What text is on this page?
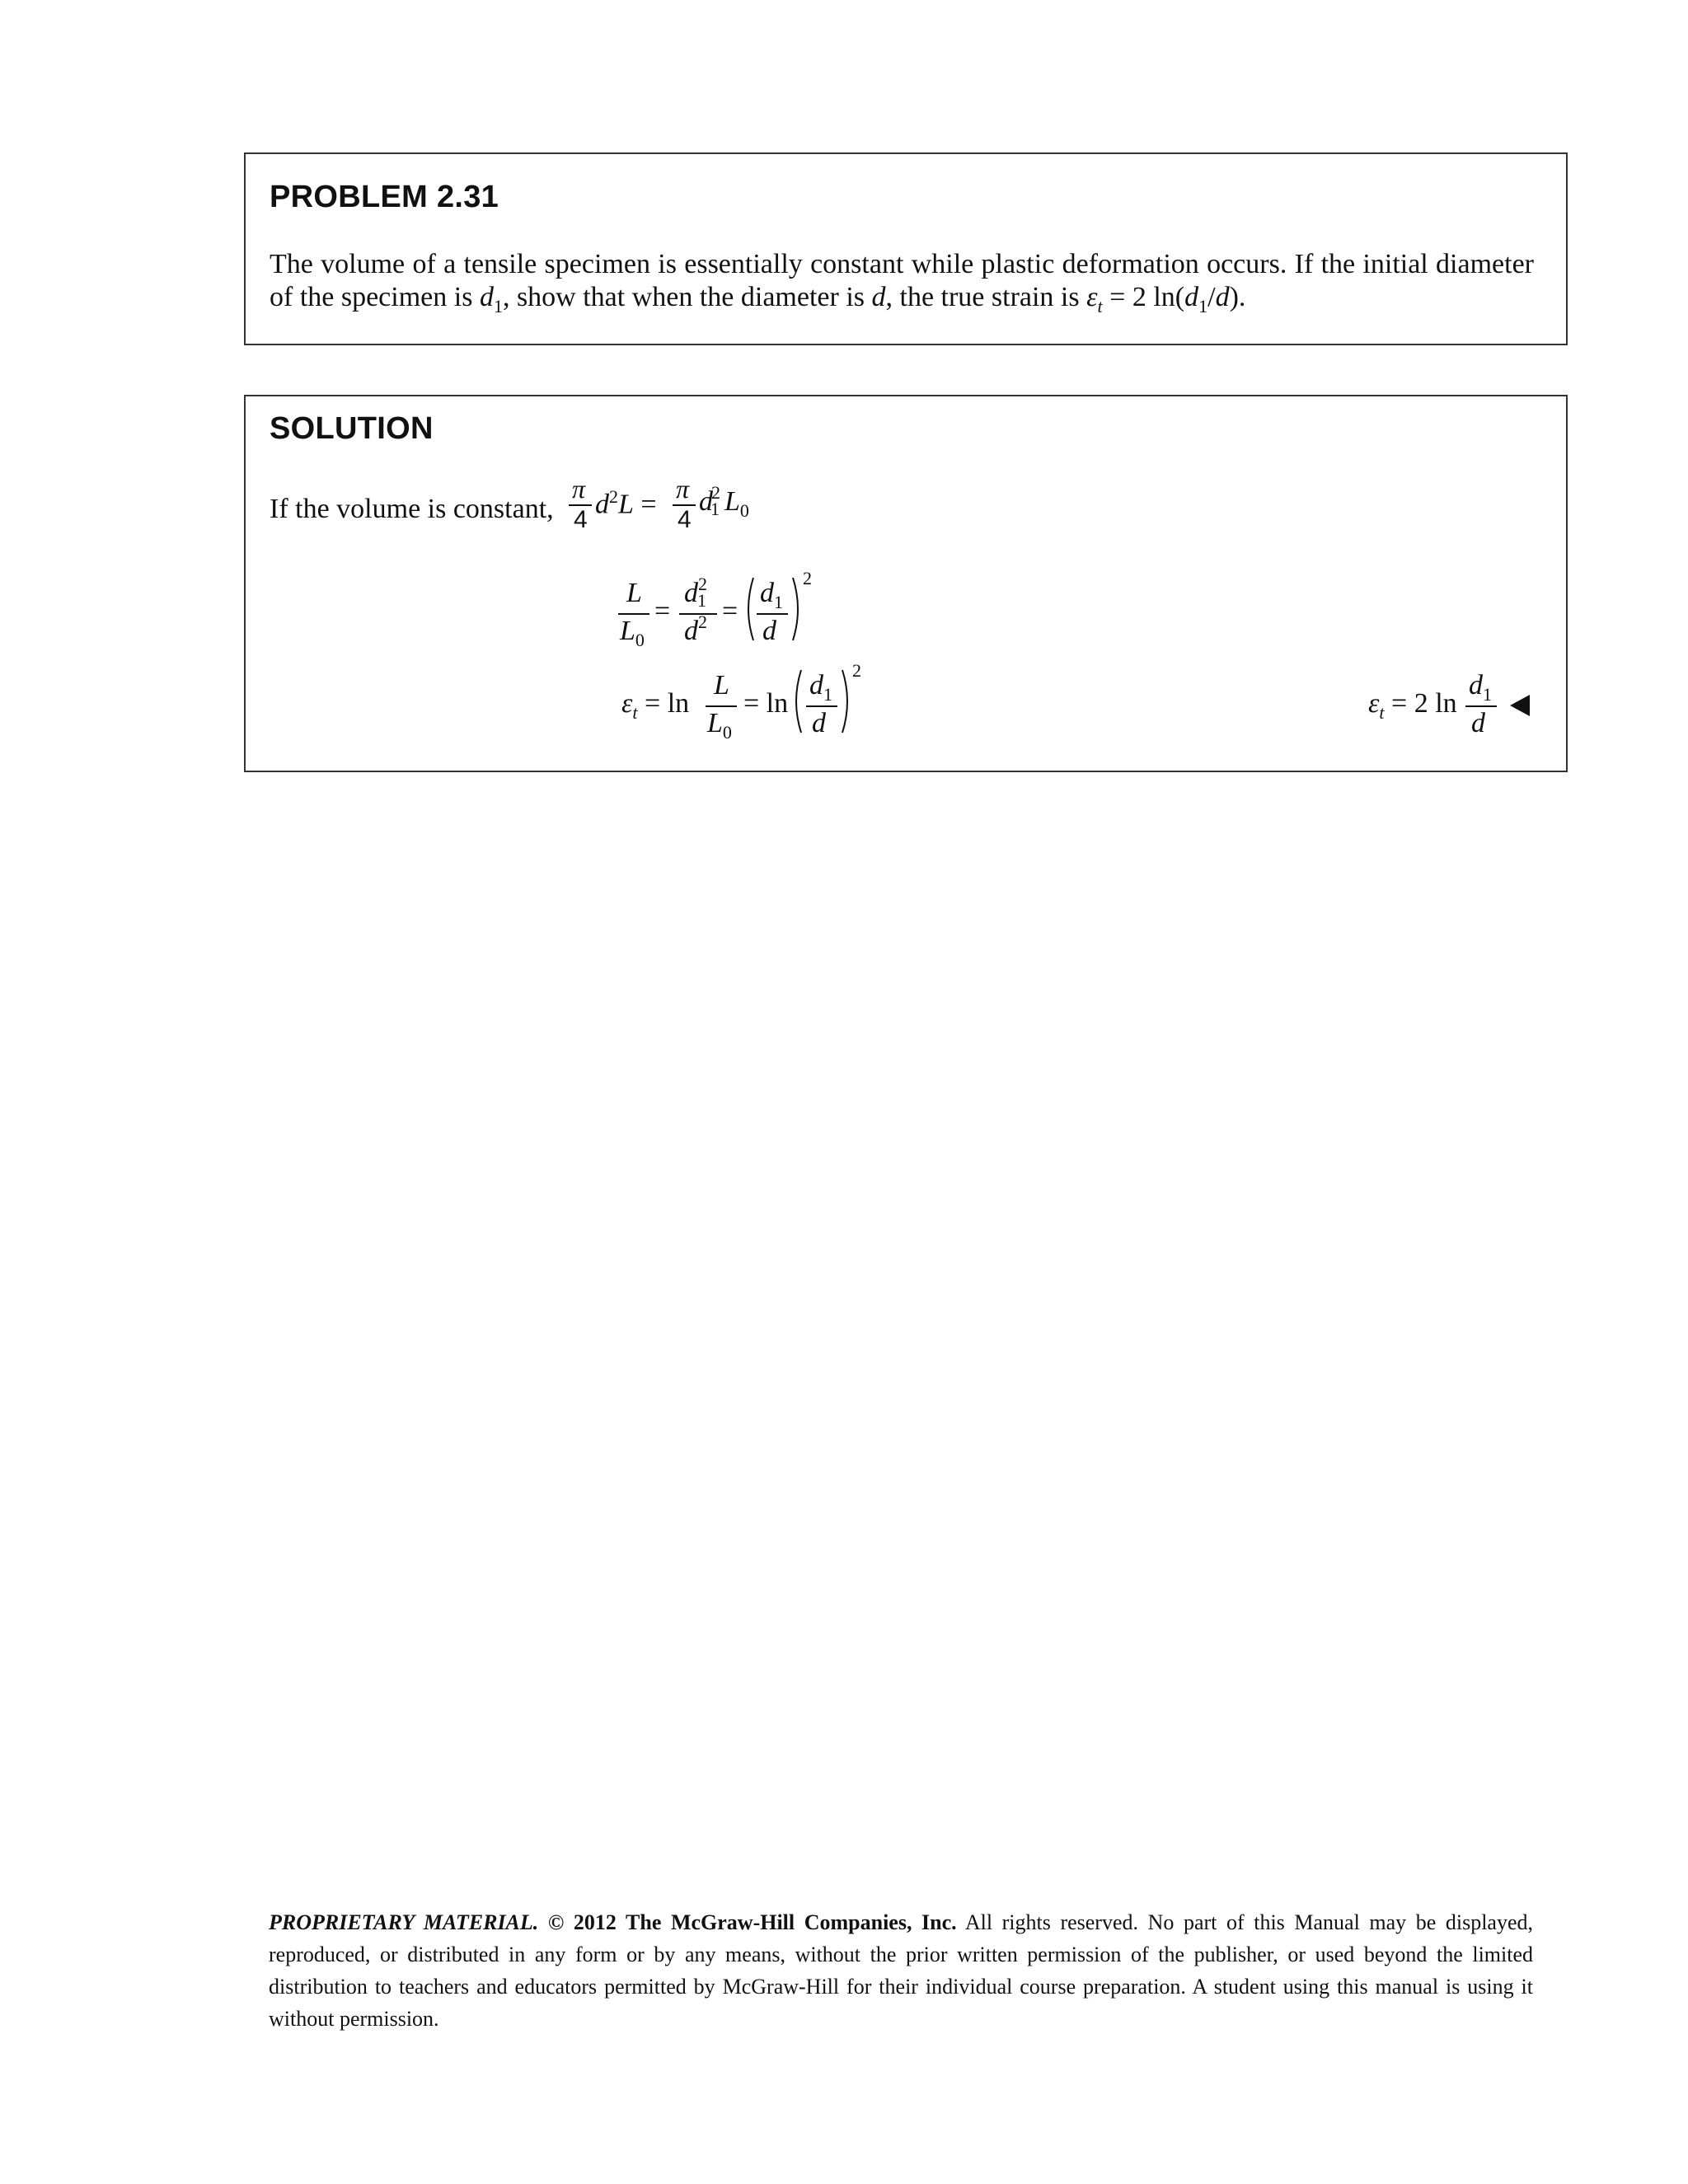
PROBLEM 2.31
The volume of a tensile specimen is essentially constant while plastic deformation occurs. If the initial diameter of the specimen is $d_1$, show that when the diameter is d, the true strain is $\varepsilon_t = 2$ $\ln(d_1/d)$.
SOLUTION
If the volume is constant,
π
4
$d^2L$ =
π
4
$d^21$ $L_0$
L
$L_0$
=
$d^21$
$d^2$ =
$d_1$
d
2
$\varepsilon_t = \ln$
L
$L_0$
= ln
$d_1$
d
2
$\varepsilon_t = 2$ ln
$d_1$
d
PROPRIETARY MATERIAL. © 2012 The McGraw-Hill Companies, Inc. All rights reserved. No part of this Manual may be displayed, reproduced, or distributed in any form or by any means, without the prior written permission of the publisher, or used beyond the limited distribution to teachers and educators permitted by McGraw-Hill for their individual course preparation. A student using this manual is using it without permission.
